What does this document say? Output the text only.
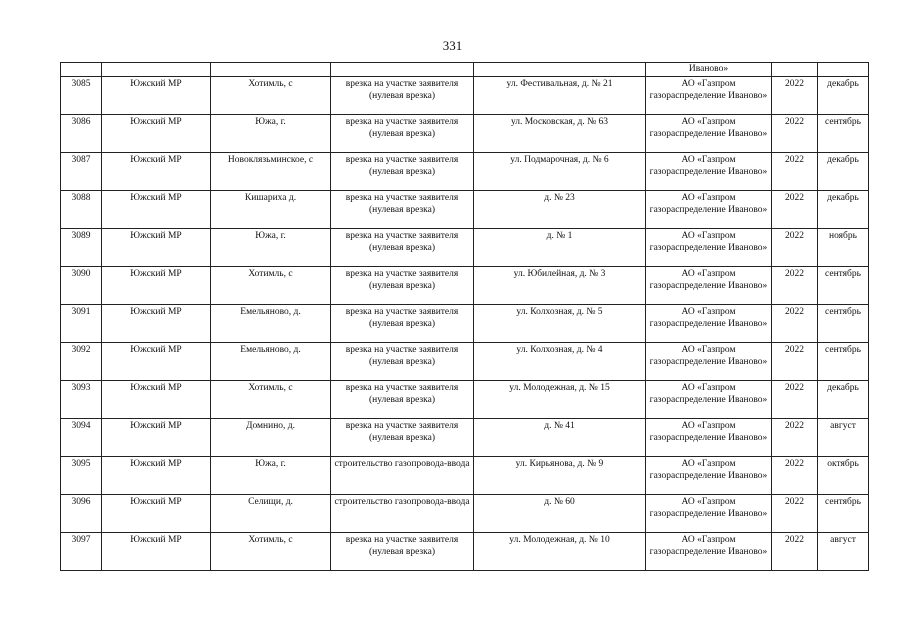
331
					Иваново»		
3085	Южский МР	Хотимль, с	врезка на участке заявителя (нулевая врезка)	ул. Фестивальная, д. № 21	АО «Газпром газораспределение Иваново»	2022	декабрь
3086	Южский МР	Южа, г.	врезка на участке заявителя (нулевая врезка)	ул. Московская, д. № 63	АО «Газпром газораспределение Иваново»	2022	сентябрь
3087	Южский МР	Новоклязьминское, с	врезка на участке заявителя (нулевая врезка)	ул. Подмарочная, д. № 6	АО «Газпром газораспределение Иваново»	2022	декабрь
3088	Южский МР	Кишариха д.	врезка на участке заявителя (нулевая врезка)	д. № 23	АО «Газпром газораспределение Иваново»	2022	декабрь
3089	Южский МР	Южа, г.	врезка на участке заявителя (нулевая врезка)	д. № 1	АО «Газпром газораспределение Иваново»	2022	ноябрь
3090	Южский МР	Хотимль, с	врезка на участке заявителя (нулевая врезка)	ул. Юбилейная, д. № 3	АО «Газпром газораспределение Иваново»	2022	сентябрь
3091	Южский МР	Емельяново, д.	врезка на участке заявителя (нулевая врезка)	ул. Колхозная, д. № 5	АО «Газпром газораспределение Иваново»	2022	сентябрь
3092	Южский МР	Емельяново, д.	врезка на участке заявителя (нулевая врезка)	ул. Колхозная, д. № 4	АО «Газпром газораспределение Иваново»	2022	сентябрь
3093	Южский МР	Хотимль, с	врезка на участке заявителя (нулевая врезка)	ул. Молодежная, д. № 15	АО «Газпром газораспределение Иваново»	2022	декабрь
3094	Южский МР	Домнино, д.	врезка на участке заявителя (нулевая врезка)	д. № 41	АО «Газпром газораспределение Иваново»	2022	август
3095	Южский МР	Южа, г.	строительство газопровода-ввода	ул. Кирьянова, д. № 9	АО «Газпром газораспределение Иваново»	2022	октябрь
3096	Южский МР	Селищи, д.	строительство газопровода-ввода	д. № 60	АО «Газпром газораспределение Иваново»	2022	сентябрь
3097	Южский МР	Хотимль, с	врезка на участке заявителя (нулевая врезка)	ул. Молодежная, д. № 10	АО «Газпром газораспределение Иваново»	2022	август
